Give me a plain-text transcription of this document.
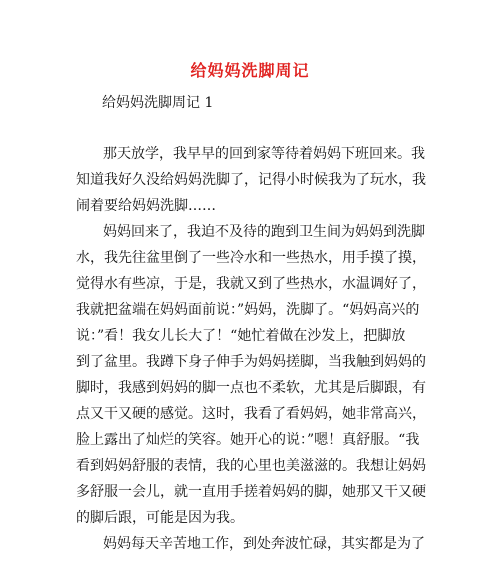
给妈妈洗脚周记
给妈妈洗脚周记 1
那天放学，我早早的回到家等待着妈妈下班回来。我
知道我好久没给妈妈洗脚了，记得小时候我为了玩水，我
闹着要给妈妈洗脚……
妈妈回来了，我迫不及待的跑到卫生间为妈妈到洗脚
水，我先往盆里倒了一些冷水和一些热水，用手摸了摸，
觉得水有些凉，于是，我就又到了些热水，水温调好了，
我就把盆端在妈妈面前说：”妈妈，洗脚了。“妈妈高兴的
说：”看！我女儿长大了！“她忙着做在沙发上，把脚放
到了盆里。我蹲下身子伸手为妈妈搓脚，当我触到妈妈的
脚时，我感到妈妈的脚一点也不柔软，尤其是后脚跟，有
点又干又硬的感觉。这时，我看了看妈妈，她非常高兴，
脸上露出了灿烂的笑容。她开心的说：”嗯！真舒服。“我
看到妈妈舒服的表情，我的心里也美滋滋的。我想让妈妈
多舒服一会儿，就一直用手搓着妈妈的脚，她那又干又硬
的脚后跟，可能是因为我。
妈妈每天辛苦地工作，到处奔波忙碌，其实都是为了
